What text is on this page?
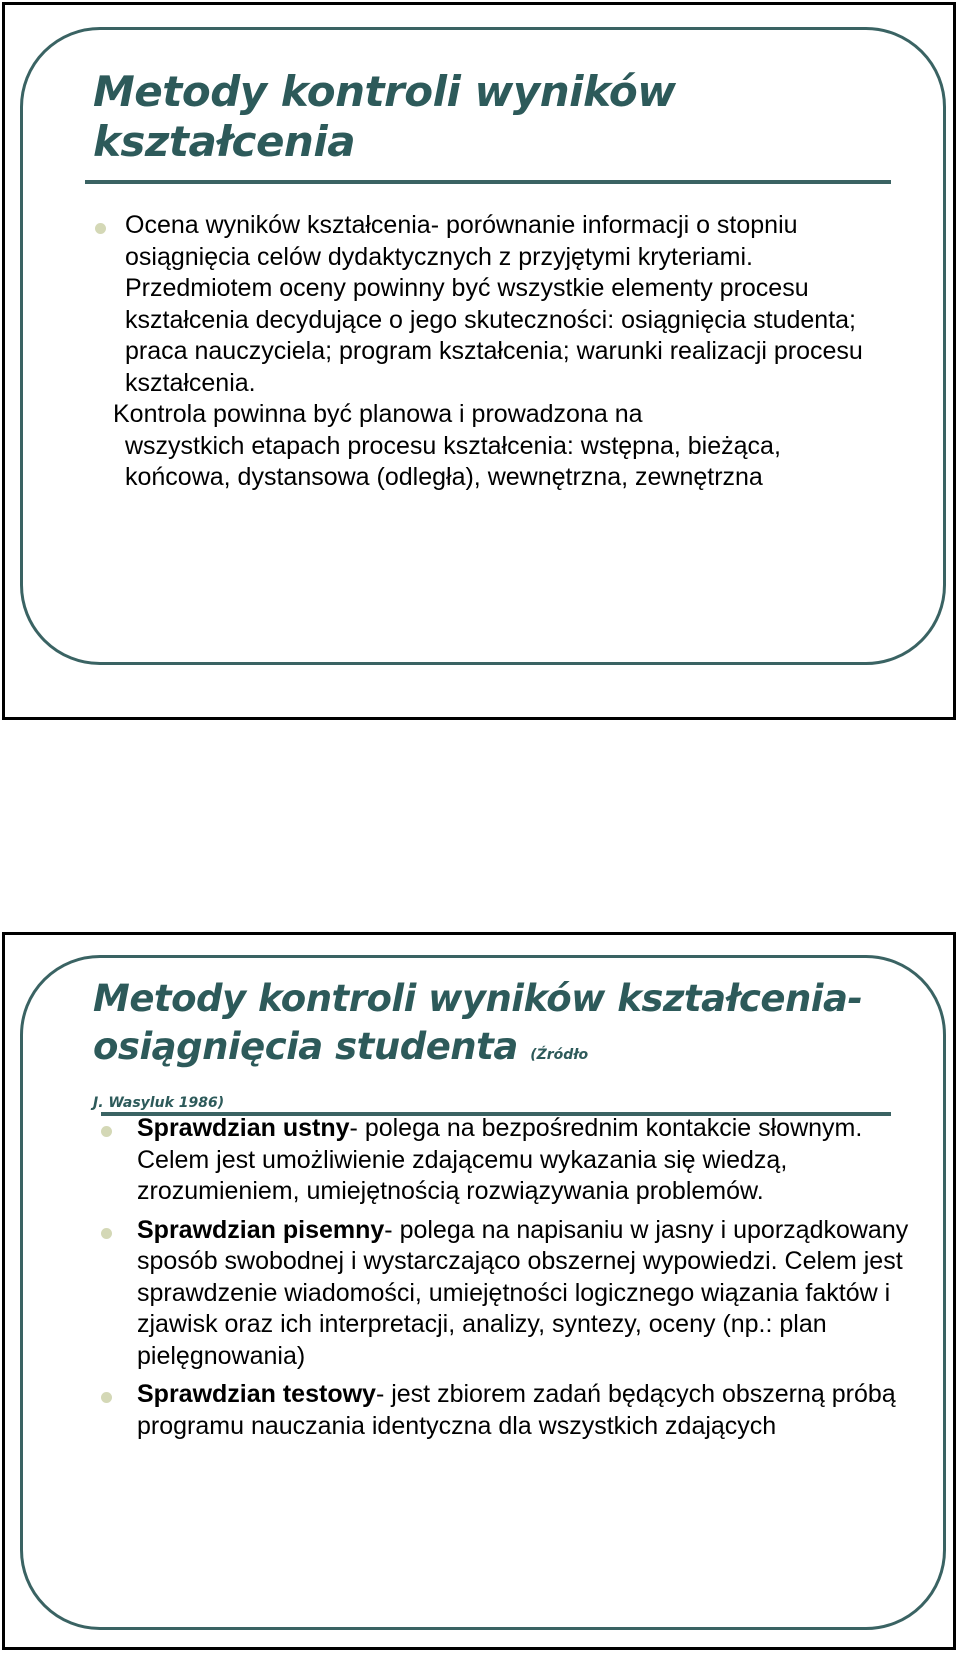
Metody kontroli wyników kształcenia

Ocena wyników kształcenia- porównanie informacji o stopniu osiągnięcia celów dydaktycznych z przyjętymi kryteriami. Przedmiotem oceny powinny być wszystkie elementy procesu kształcenia decydujące o jego skuteczności: osiągnięcia studenta; praca nauczyciela; program kształcenia; warunki realizacji procesu kształcenia.

Kontrola powinna być planowa i prowadzona na
wszystkich etapach procesu kształcenia: wstępna, bieżąca, końcowa, dystansowa (odległa), wewnętrzna, zewnętrzna

Metody kontroli wyników kształcenia- osiągnięcia studenta (Źródło
J. Wasyluk 1986)

Sprawdzian ustny- polega na bezpośrednim kontakcie słownym. Celem jest umożliwienie zdającemu wykazania się wiedzą, zrozumieniem, umiejętnością rozwiązywania problemów.

Sprawdzian pisemny- polega na napisaniu w jasny i uporządkowany sposób swobodnej i wystarczająco obszernej wypowiedzi. Celem jest sprawdzenie wiadomości, umiejętności logicznego wiązania faktów i zjawisk oraz ich interpretacji, analizy, syntezy, oceny (np.: plan pielęgnowania)

Sprawdzian testowy- jest zbiorem zadań będących obszerną próbą programu nauczania identyczna dla wszystkich zdających
